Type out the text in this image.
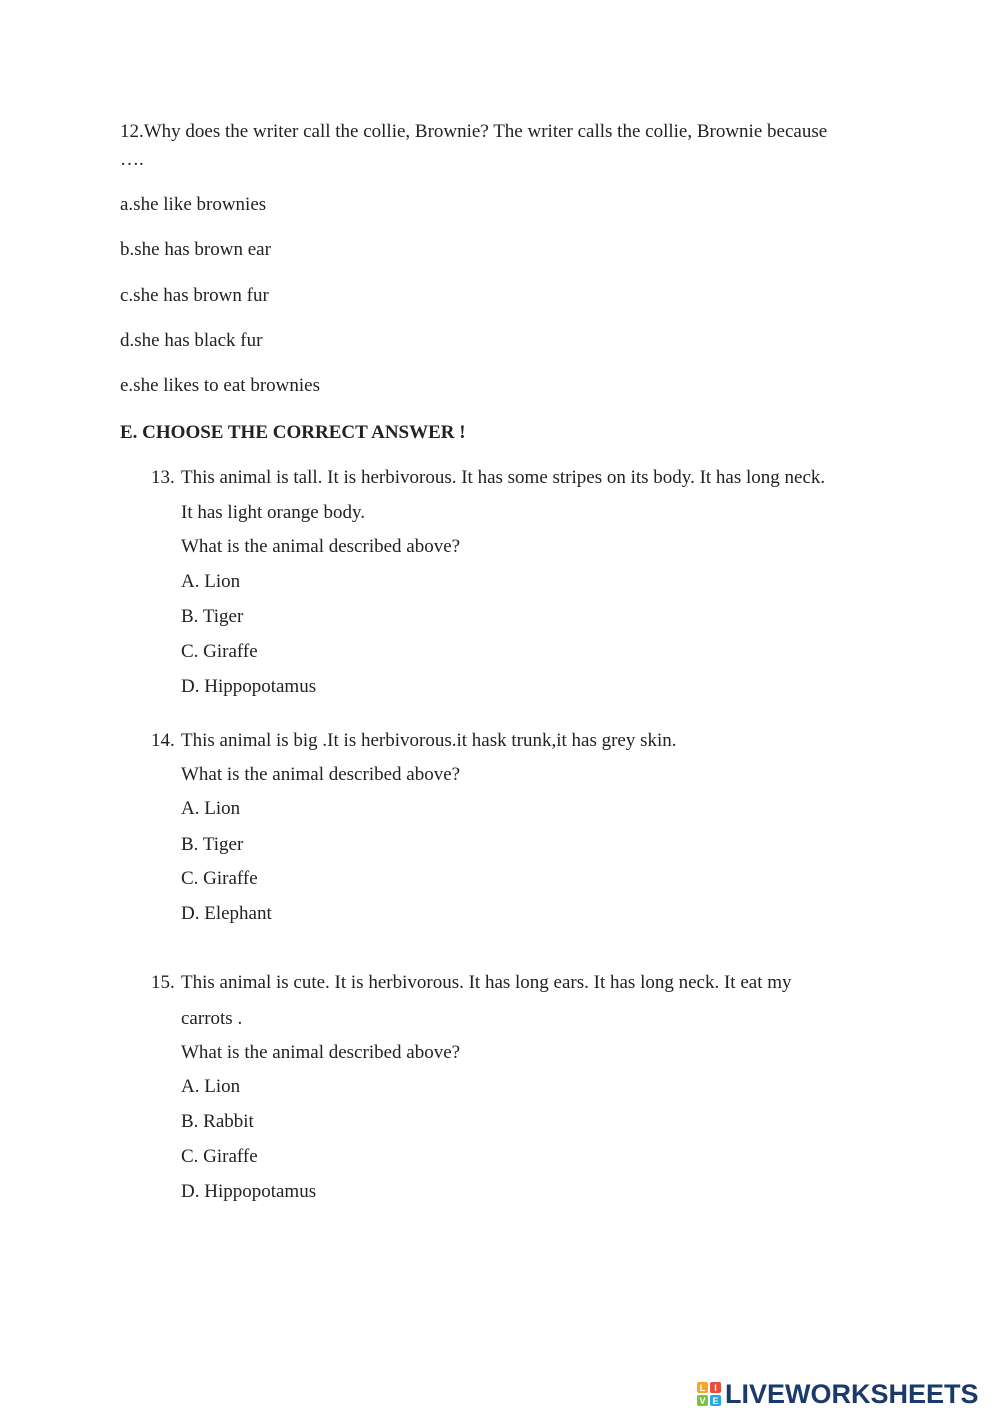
12.Why does the writer call the collie, Brownie? The writer calls the collie, Brownie because
….
a.she like brownies
b.she has brown ear
c.she has brown fur
d.she has black fur
e.she likes to eat brownies
E. CHOOSE THE CORRECT ANSWER !
13. This animal is tall. It is herbivorous. It has some stripes on its body. It has long neck.
It has light orange body.
What is the animal described above?
A. Lion
B. Tiger
C. Giraffe
D. Hippopotamus
14. This animal is big .It is herbivorous.it hask trunk,it has grey skin.
What is the animal described above?
A. Lion
B. Tiger
C. Giraffe
D. Elephant
15. This animal is cute. It is herbivorous. It has long ears. It has long neck. It eat my
carrots .
What is the animal described above?
A. Lion
B. Rabbit
C. Giraffe
D. Hippopotamus
L I
V E LIVEWORKSHEETS
